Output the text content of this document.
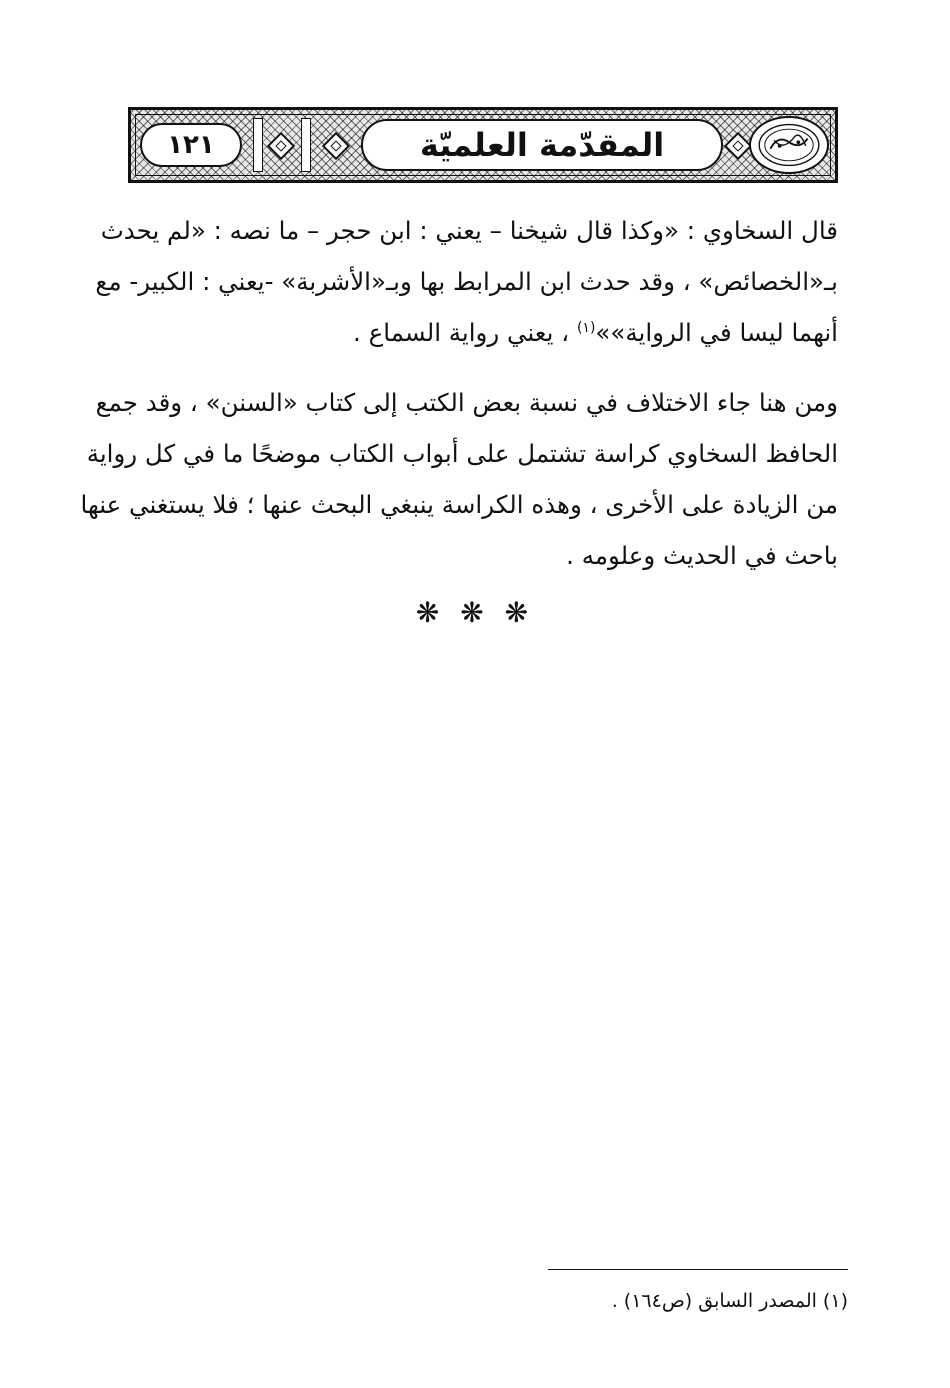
١٢١	المقدّمة العلميّة
قال السخاوي : «وكذا قال شيخنا – يعني : ابن حجر – ما نصه : «لم يحدث
بـ«الخصائص» ، وقد حدث ابن المرابط بها وبـ«الأشربة» -يعني : الكبير- مع
أنهما ليسا في الرواية»»$^{(١)}$ ، يعني رواية السماع .
ومن هنا جاء الاختلاف في نسبة بعض الكتب إلى كتاب «السنن» ، وقد جمع
الحافظ السخاوي كراسة تشتمل على أبواب الكتاب موضحًا ما في كل رواية
من الزيادة على الأخرى ، وهذه الكراسة ينبغي البحث عنها ؛ فلا يستغني عنها
باحث في الحديث وعلومه .
❋ ❋ ❋

(١) المصدر السابق (ص١٦٤) .
